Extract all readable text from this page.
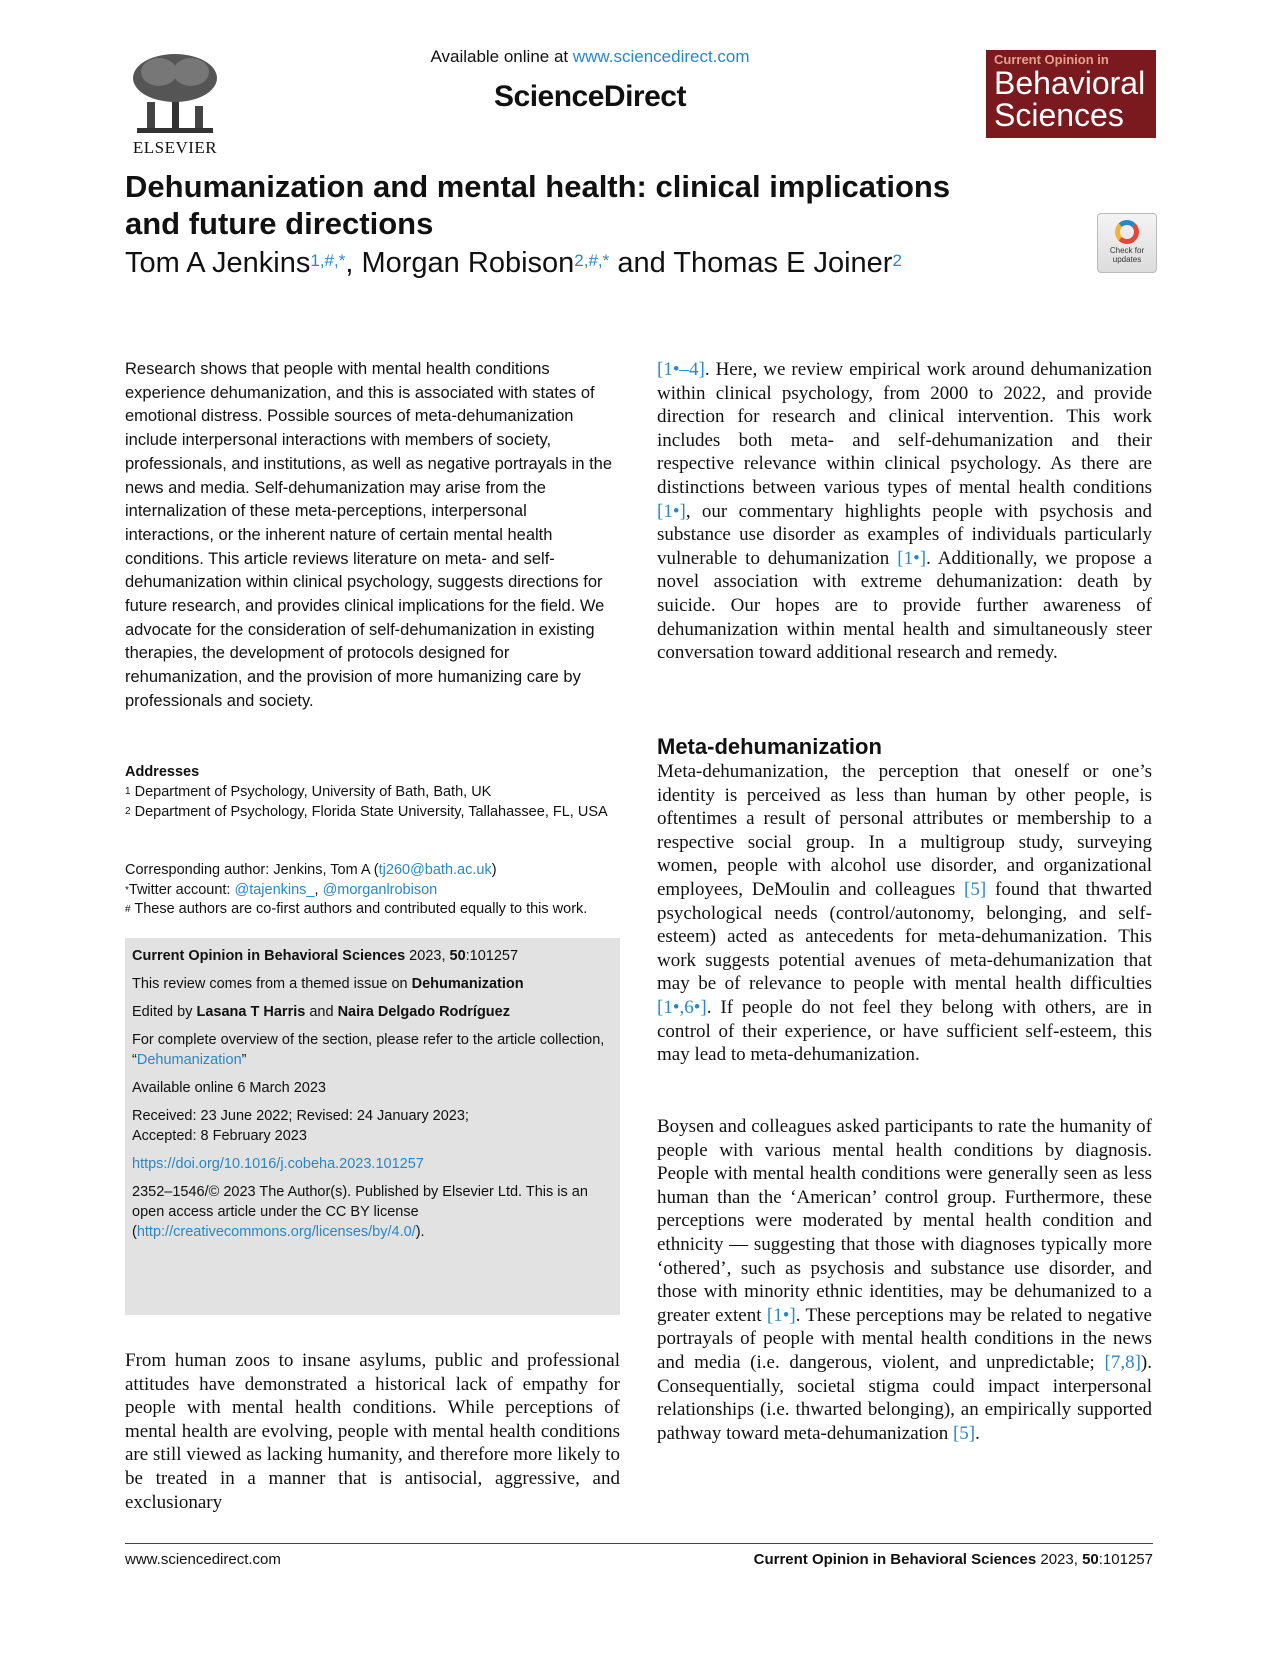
ELSEVIER
Available online at www.sciencedirect.com
ScienceDirect
Current Opinion in
Behavioral
Sciences
Dehumanization and mental health: clinical implications
and future directions
Tom A Jenkins$^{1,\#,*}$, Morgan Robison$^{2,\#,*}$ and Thomas E Joiner$^2$
Check for
updates
Research shows that people with mental health conditions experience dehumanization, and this is associated with states of emotional distress. Possible sources of meta-dehumanization include interpersonal interactions with members of society, professionals, and institutions, as well as negative portrayals in the news and media. Self-dehumanization may arise from the internalization of these meta-perceptions, interpersonal interactions, or the inherent nature of certain mental health conditions. This article reviews literature on meta- and self-dehumanization within clinical psychology, suggests directions for future research, and provides clinical implications for the field. We advocate for the consideration of self-dehumanization in existing therapies, the development of protocols designed for rehumanization, and the provision of more humanizing care by professionals and society.
Addresses
$^1$ Department of Psychology, University of Bath, Bath, UK
$^2$ Department of Psychology, Florida State University, Tallahassee, FL, USA
Corresponding author: Jenkins, Tom A (tj260@bath.ac.uk)
*Twitter account: @tajenkins_, @morganlrobison
# These authors are co-first authors and contributed equally to this work.

Current Opinion in Behavioral Sciences 2023, 50:101257

This review comes from a themed issue on Dehumanization

Edited by Lasana T Harris and Naira Delgado Rodríguez

For complete overview of the section, please refer to the article collection, “Dehumanization”

Available online 6 March 2023

Received: 23 June 2022; Revised: 24 January 2023;
Accepted: 8 February 2023

https://doi.org/10.1016/j.cobeha.2023.101257

2352–1546/© 2023 The Author(s). Published by Elsevier Ltd. This is an open access article under the CC BY license (http://creativecommons.org/licenses/by/4.0/).

From human zoos to insane asylums, public and professional attitudes have demonstrated a historical lack of empathy for people with mental health conditions. While perceptions of mental health are evolving, people with mental health conditions are still viewed as lacking humanity, and therefore more likely to be treated in a manner that is antisocial, aggressive, and exclusionary
[1•–4]. Here, we review empirical work around dehumanization within clinical psychology, from 2000 to 2022, and provide direction for research and clinical intervention. This work includes both meta- and self-dehumanization and their respective relevance within clinical psychology. As there are distinctions between various types of mental health conditions [1•], our commentary highlights people with psychosis and substance use disorder as examples of individuals particularly vulnerable to dehumanization [1•]. Additionally, we propose a novel association with extreme dehumanization: death by suicide. Our hopes are to provide further awareness of dehumanization within mental health and simultaneously steer conversation toward additional research and remedy.
Meta-dehumanization
Meta-dehumanization, the perception that oneself or one’s identity is perceived as less than human by other people, is oftentimes a result of personal attributes or membership to a respective social group. In a multigroup study, surveying women, people with alcohol use disorder, and organizational employees, DeMoulin and colleagues [5] found that thwarted psychological needs (control/autonomy, belonging, and self-esteem) acted as antecedents for meta-dehumanization. This work suggests potential avenues of meta-dehumanization that may be of relevance to people with mental health difficulties [1•,6•]. If people do not feel they belong with others, are in control of their experience, or have sufficient self-esteem, this may lead to meta-dehumanization.
Boysen and colleagues asked participants to rate the humanity of people with various mental health conditions by diagnosis. People with mental health conditions were generally seen as less human than the ‘American’ control group. Furthermore, these perceptions were moderated by mental health condition and ethnicity — suggesting that those with diagnoses typically more ‘othered’, such as psychosis and substance use disorder, and those with minority ethnic identities, may be dehumanized to a greater extent [1•]. These perceptions may be related to negative portrayals of people with mental health conditions in the news and media (i.e. dangerous, violent, and unpredictable; [7,8]). Consequentially, societal stigma could impact interpersonal relationships (i.e. thwarted belonging), an empirically supported pathway toward meta-dehumanization [5].
www.sciencedirect.com	Current Opinion in Behavioral Sciences 2023, 50:101257
